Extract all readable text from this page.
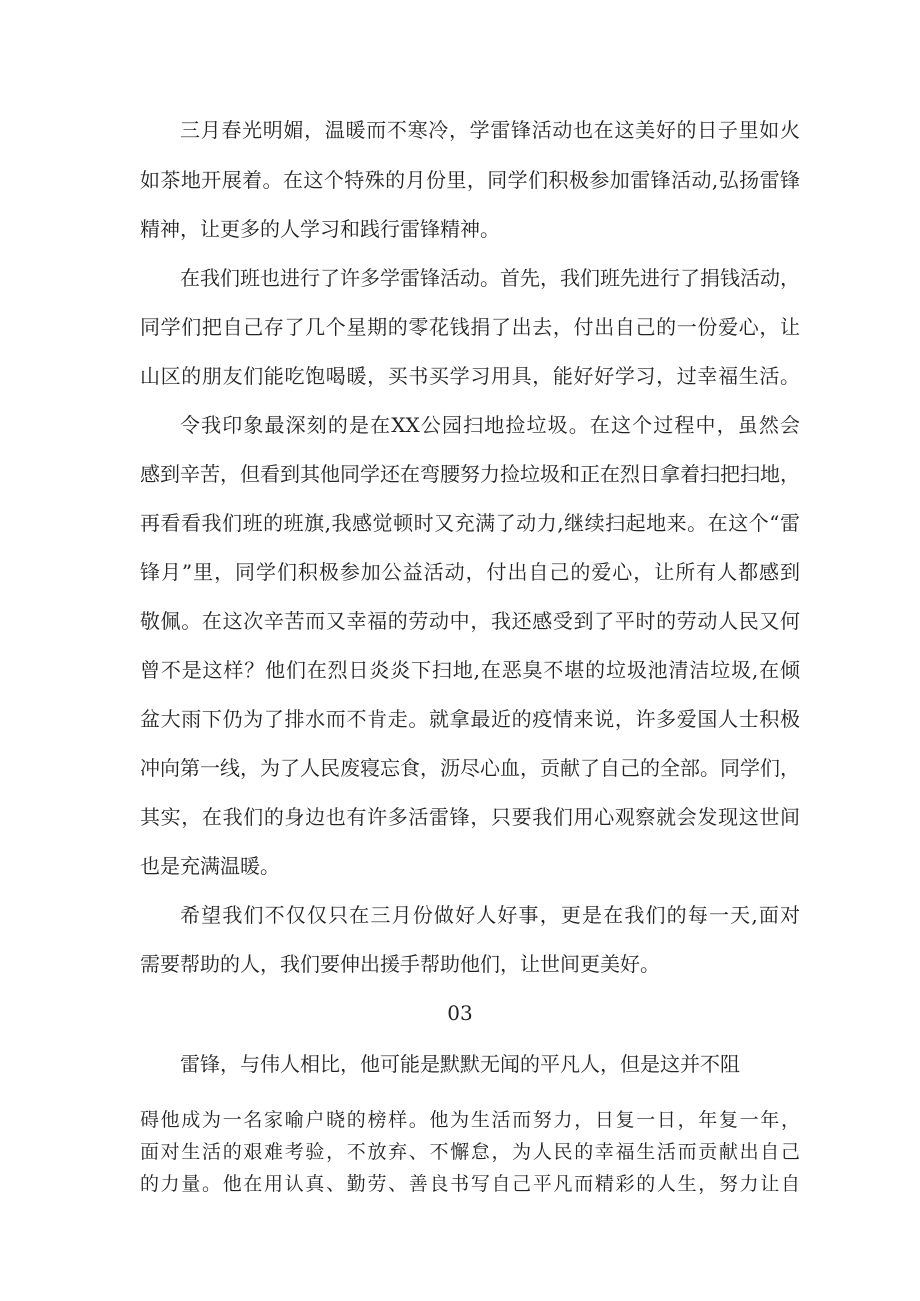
三月春光明媚，温暖而不寒冷，学雷锋活动也在这美好的日子里如火
如茶地开展着。在这个特殊的月份里，同学们积极参加雷锋活动,弘扬雷锋
精神，让更多的人学习和践行雷锋精神。
在我们班也进行了许多学雷锋活动。首先，我们班先进行了捐钱活动，
同学们把自己存了几个星期的零花钱捐了出去，付出自己的一份爱心，让
山区的朋友们能吃饱喝暖，买书买学习用具，能好好学习，过幸福生活。
令我印象最深刻的是在XX公园扫地捡垃圾。在这个过程中，虽然会
感到辛苦，但看到其他同学还在弯腰努力捡垃圾和正在烈日拿着扫把扫地，
再看看我们班的班旗,我感觉顿时又充满了动力,继续扫起地来。在这个“雷
锋月”里，同学们积极参加公益活动，付出自己的爱心，让所有人都感到
敬佩。在这次辛苦而又幸福的劳动中，我还感受到了平时的劳动人民又何
曾不是这样？他们在烈日炎炎下扫地,在恶臭不堪的垃圾池清洁垃圾,在倾
盆大雨下仍为了排水而不肯走。就拿最近的疫情来说，许多爱国人士积极
冲向第一线，为了人民废寝忘食，沥尽心血，贡献了自己的全部。同学们，
其实，在我们的身边也有许多活雷锋，只要我们用心观察就会发现这世间
也是充满温暖。
希望我们不仅仅只在三月份做好人好事，更是在我们的每一天,面对
需要帮助的人，我们要伸出援手帮助他们，让世间更美好。
03
雷锋，与伟人相比，他可能是默默无闻的平凡人，但是这并不阻
碍他成为一名家喻户晓的榜样。他为生活而努力，日复一日，年复一年，
面对生活的艰难考验，不放弃、不懈怠，为人民的幸福生活而贡献出自己
的力量。他在用认真、勤劳、善良书写自己平凡而精彩的人生，努力让自
